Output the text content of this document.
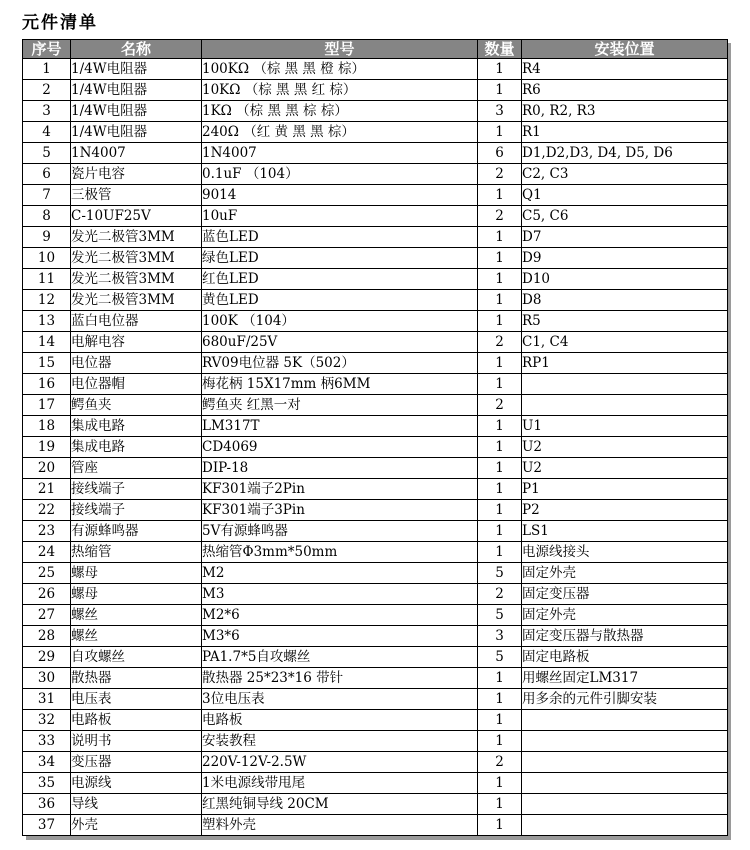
元件清单
序号	名称	型号	数量	安装位置
1	1/4W电阻器	100KΩ （棕 黑 黑 橙 棕）	1	R4
2	1/4W电阻器	10KΩ （棕 黑 黑 红 棕）	1	R6
3	1/4W电阻器	1KΩ （棕 黑 黑 棕 棕）	3	R0, R2, R3
4	1/4W电阻器	240Ω （红 黄 黑 黑 棕）	1	R1
5	1N4007	1N4007	6	D1,D2,D3, D4, D5, D6
6	瓷片电容	0.1uF （104）	2	C2, C3
7	三极管	9014	1	Q1
8	C-10UF25V	10uF	2	C5, C6
9	发光二极管3MM	蓝色LED	1	D7
10	发光二极管3MM	绿色LED	1	D9
11	发光二极管3MM	红色LED	1	D10
12	发光二极管3MM	黄色LED	1	D8
13	蓝白电位器	100K （104）	1	R5
14	电解电容	680uF/25V	2	C1, C4
15	电位器	RV09电位器 5K（502）	1	RP1
16	电位器帽	梅花柄 15X17mm 柄6MM	1	
17	鳄鱼夹	鳄鱼夹 红黑一对	2	
18	集成电路	LM317T	1	U1
19	集成电路	CD4069	1	U2
20	管座	DIP-18	1	U2
21	接线端子	KF301端子2Pin	1	P1
22	接线端子	KF301端子3Pin	1	P2
23	有源蜂鸣器	5V有源蜂鸣器	1	LS1
24	热缩管	热缩管Φ3mm*50mm	1	电源线接头
25	螺母	M2	5	固定外壳
26	螺母	M3	2	固定变压器
27	螺丝	M2*6	5	固定外壳
28	螺丝	M3*6	3	固定变压器与散热器
29	自攻螺丝	PA1.7*5自攻螺丝	5	固定电路板
30	散热器	散热器 25*23*16 带针	1	用螺丝固定LM317
31	电压表	3位电压表	1	用多余的元件引脚安装
32	电路板	电路板	1	
33	说明书	安装教程	1	
34	变压器	220V-12V-2.5W	2	
35	电源线	1米电源线带甩尾	1	
36	导线	红黑纯铜导线 20CM	1	
37	外壳	塑料外壳	1	
